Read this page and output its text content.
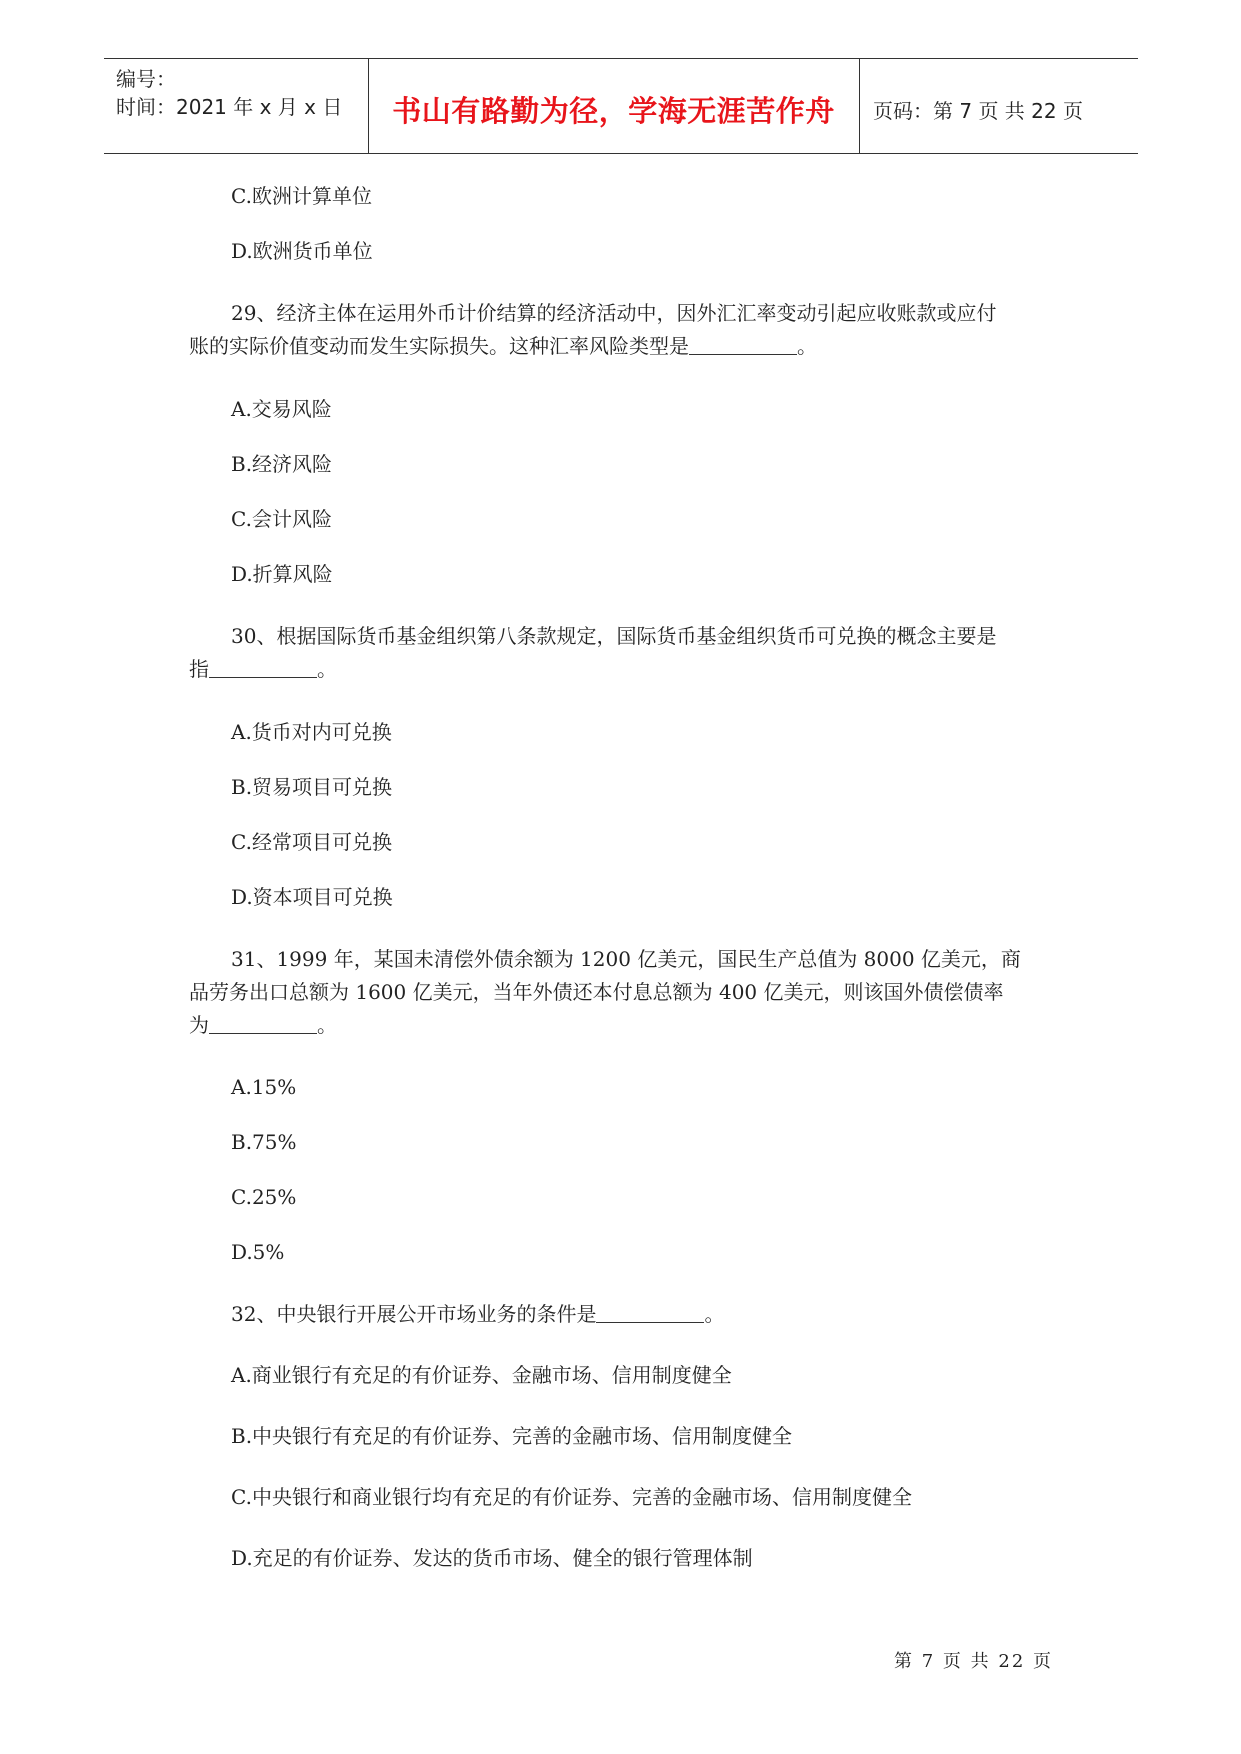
编号：
时间：2021 年 x 月 x 日	书山有路勤为径，学海无涯苦作舟	页码：第 7 页 共 22 页

C.欧洲计算单位

D.欧洲货币单位

29、经济主体在运用外币计价结算的经济活动中，因外汇汇率变动引起应收账款或应付

账的实际价值变动而发生实际损失。这种汇率风险类型是	。

A.交易风险

B.经济风险

C.会计风险

D.折算风险

30、根据国际货币基金组织第八条款规定，国际货币基金组织货币可兑换的概念主要是

指	。

A.货币对内可兑换

B.贸易项目可兑换

C.经常项目可兑换

D.资本项目可兑换

31、1999 年，某国未清偿外债余额为 1200 亿美元，国民生产总值为 8000 亿美元，商

品劳务出口总额为 1600 亿美元，当年外债还本付息总额为 400 亿美元，则该国外债偿债率

为	。

A.15%

B.75%

C.25%

D.5%

32、中央银行开展公开市场业务的条件是	。

A.商业银行有充足的有价证券、金融市场、信用制度健全

B.中央银行有充足的有价证券、完善的金融市场、信用制度健全

C.中央银行和商业银行均有充足的有价证券、完善的金融市场、信用制度健全

D.充足的有价证券、发达的货币市场、健全的银行管理体制

第 7 页 共 22 页
